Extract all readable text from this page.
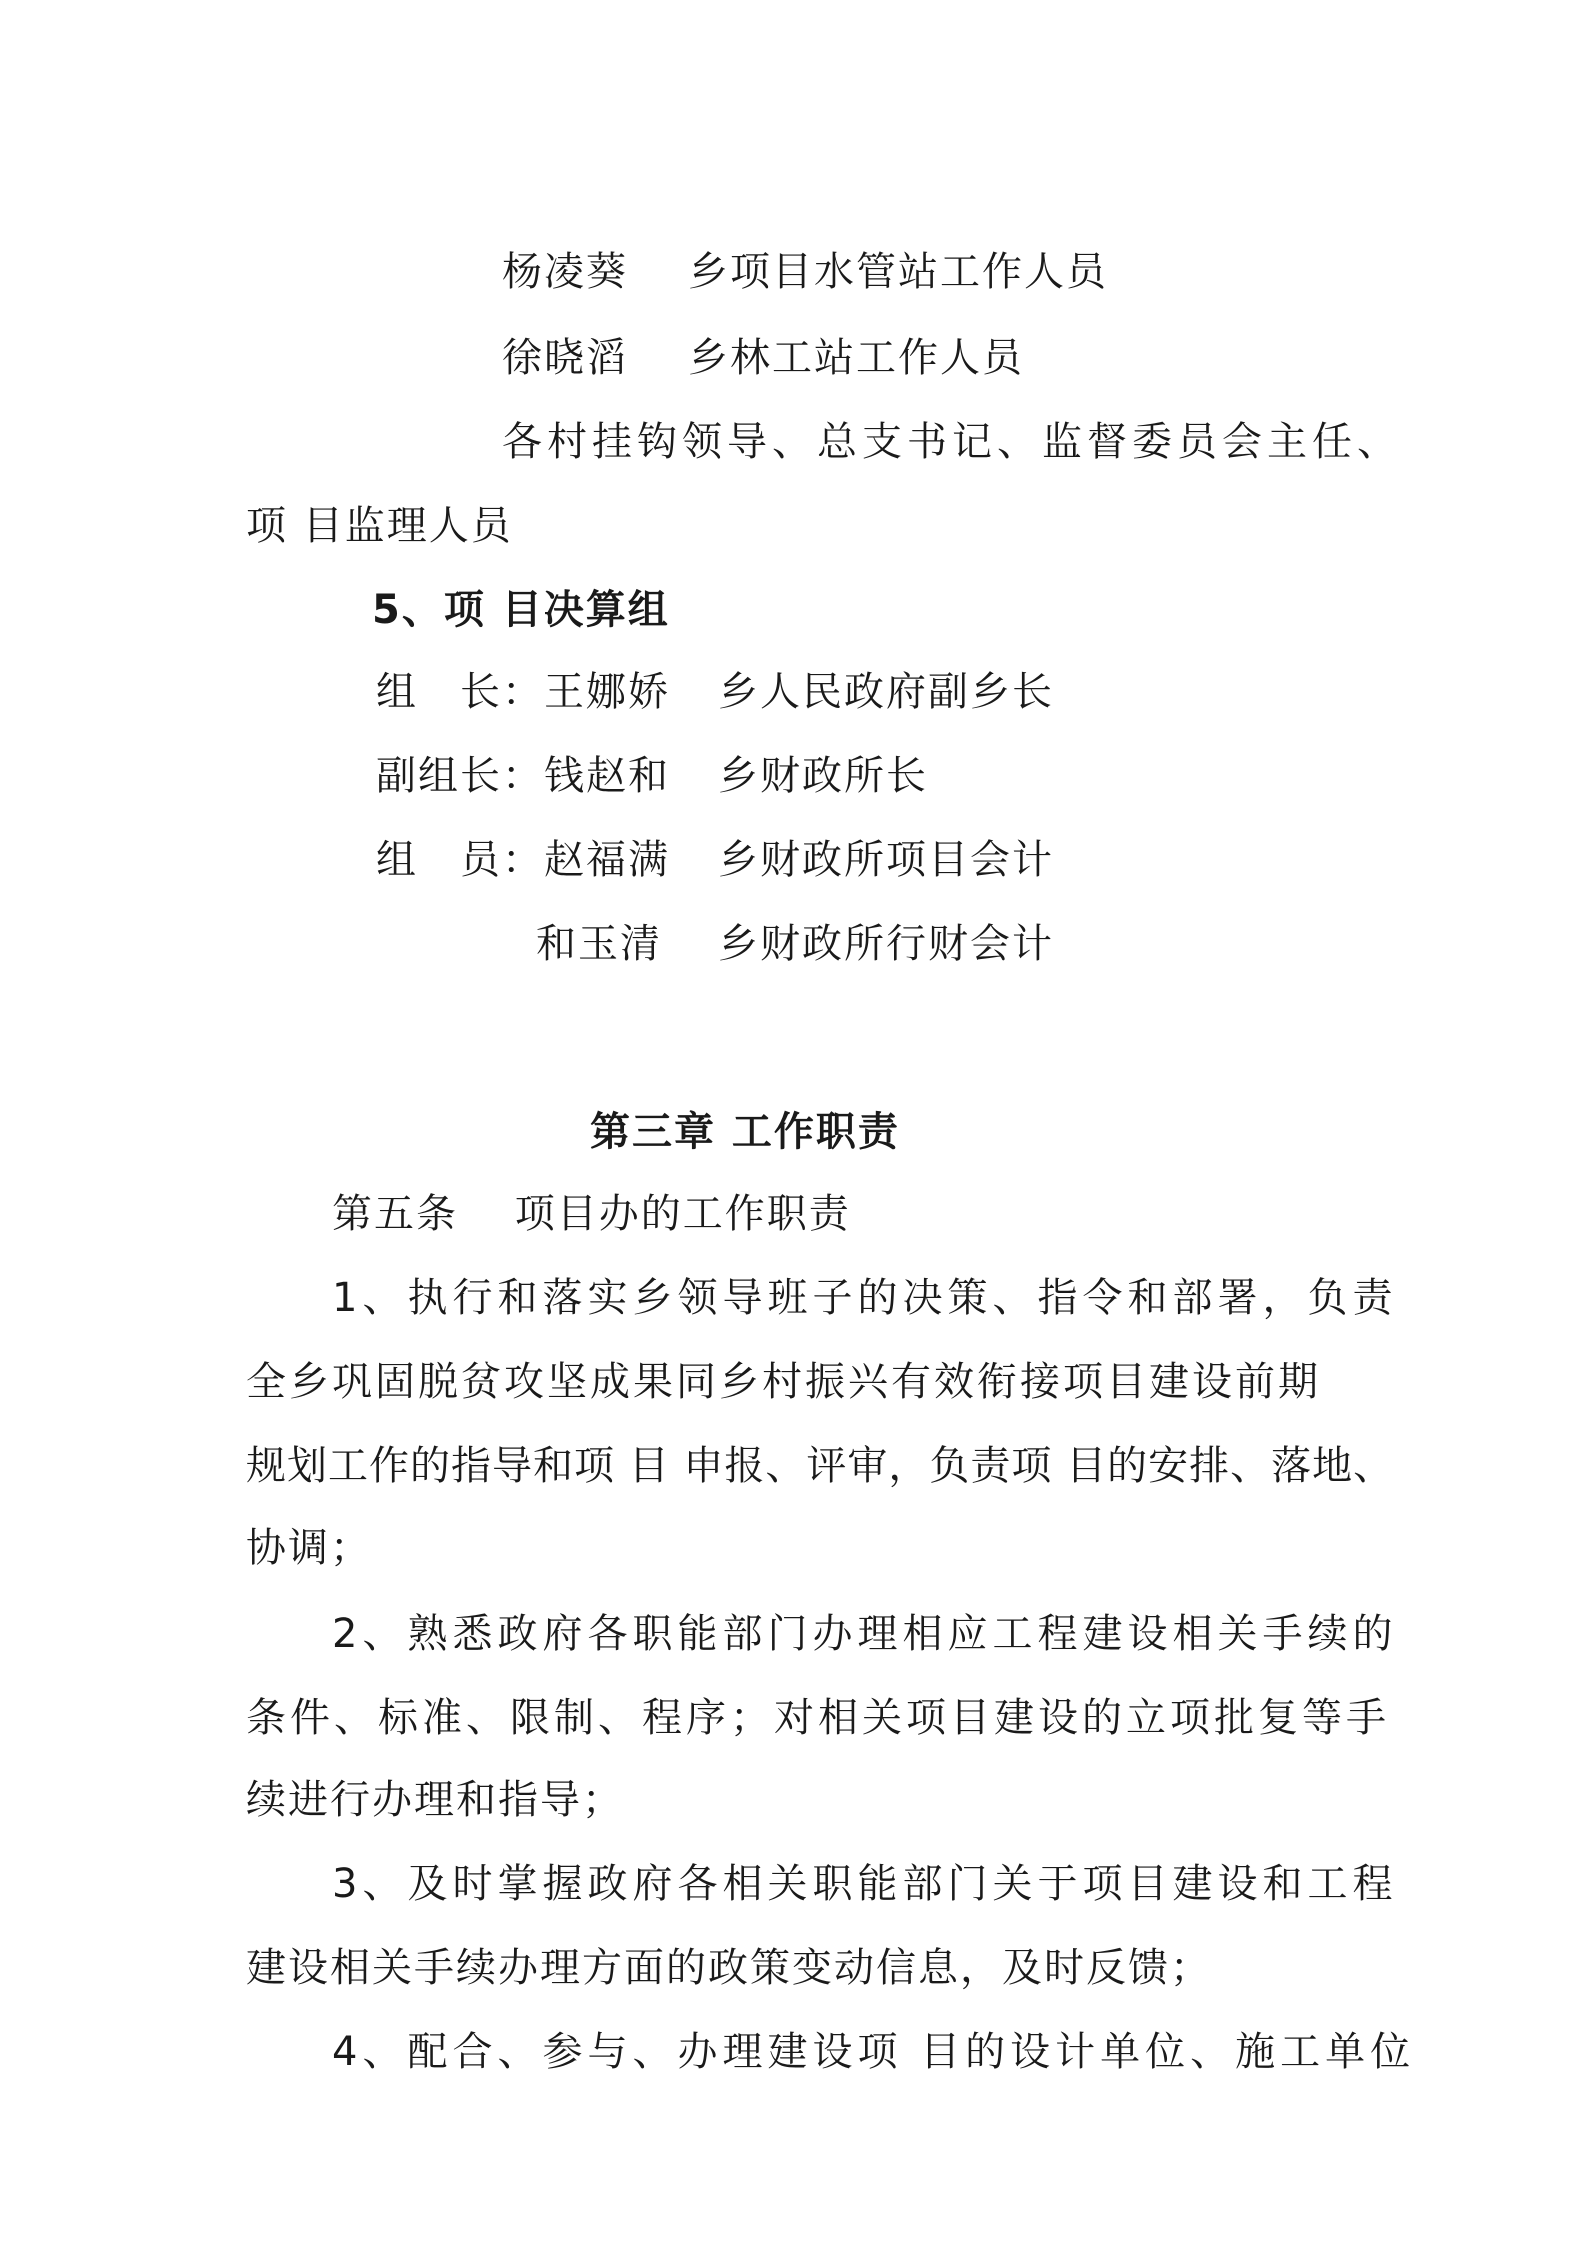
杨凌葵 乡项目水管站工作人员
徐晓滔 乡林工站工作人员
各村挂钩领导、总支书记、监督委员会主任、
项 目监理人员
5、项 目决算组
组　长：王娜娇 乡人民政府副乡长
副组长：钱赵和 乡财政所长
组　员：赵福满 乡财政所项目会计
和玉清 乡财政所行财会计
第三章 工作职责
第五条　 项目办的工作职责
1、执行和落实乡领导班子的决策、指令和部署，负责
全乡巩固脱贫攻坚成果同乡村振兴有效衔接项目建设前期
规划工作的指导和项 目 申报、评审，负责项 目的安排、落地、
协调；
2、熟悉政府各职能部门办理相应工程建设相关手续的
条件、标准、限制、程序；对相关项目建设的立项批复等手
续进行办理和指导；
3、及时掌握政府各相关职能部门关于项目建设和工程
建设相关手续办理方面的政策变动信息，及时反馈；
4、配合、参与、办理建设项 目的设计单位、施工单位
